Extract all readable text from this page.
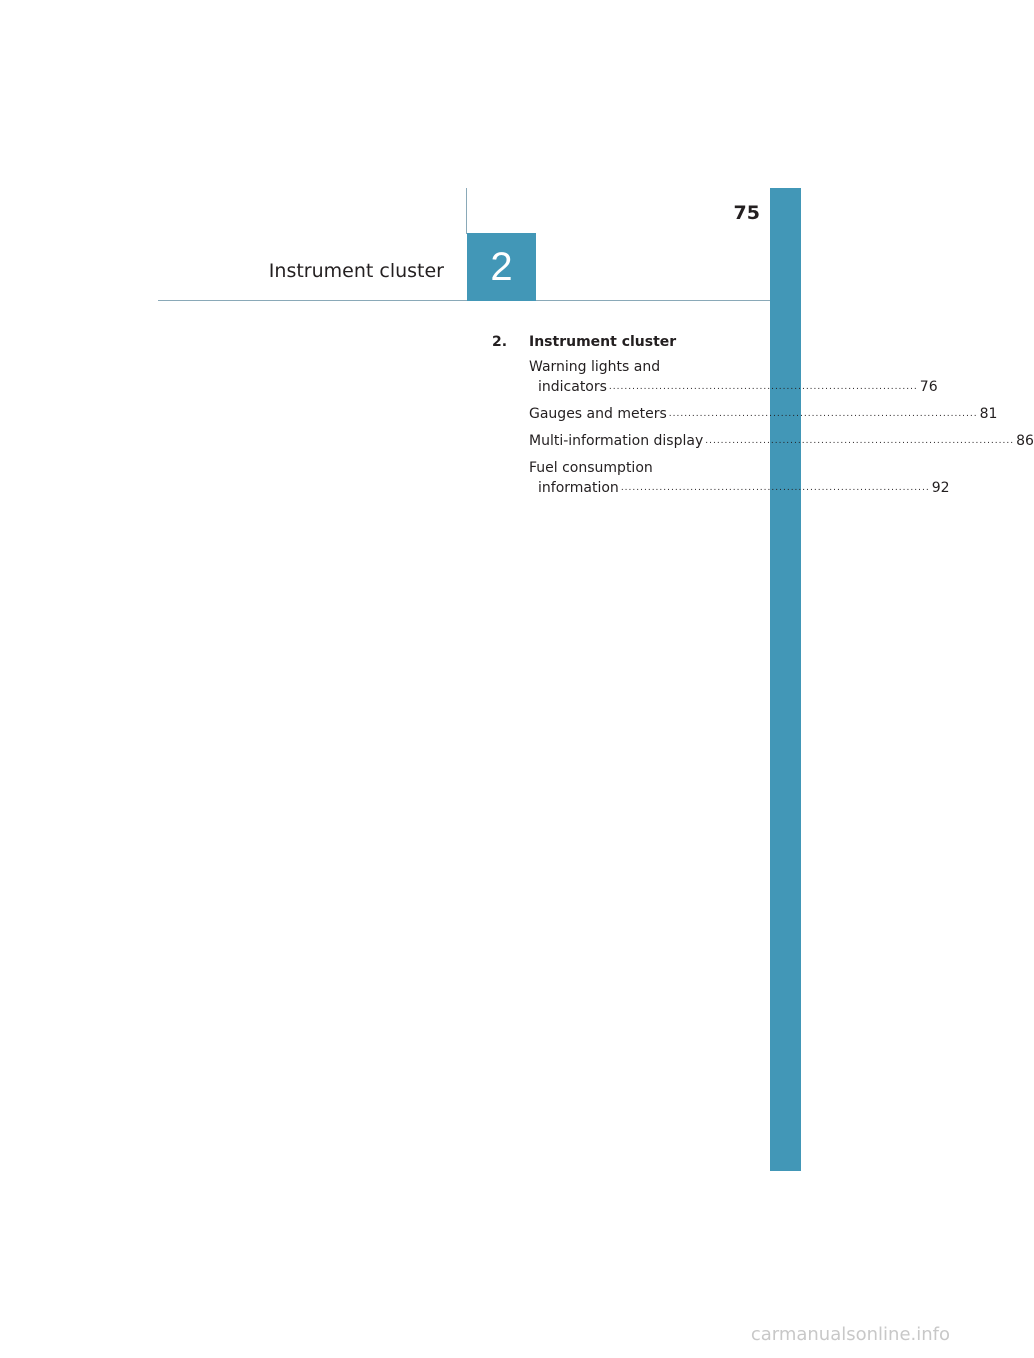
75
Instrument cluster 2
2.	Instrument cluster
Warning lights and
indicators ................................................................................ 76
Gauges and meters ................................................................................ 81
Multi-information display ................................................................................ 86
Fuel consumption
information ................................................................................ 92
carmanualsonline.info
